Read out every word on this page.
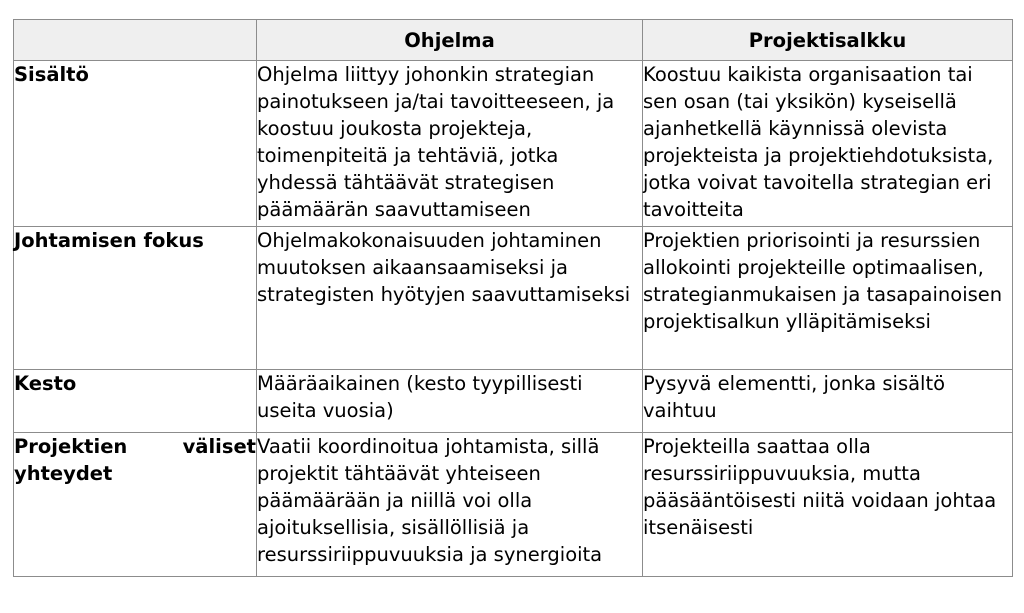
	Ohjelma	Projektisalkku
Sisältö	Ohjelma liittyy johonkin strategian painotukseen ja/tai tavoitteeseen, ja koostuu joukosta projekteja, toimenpiteitä ja tehtäviä, jotka yhdessä tähtäävät strategisen päämäärän saavuttamiseen	Koostuu kaikista organisaation tai sen osan (tai yksikön) kyseisellä ajanhetkellä käynnissä olevista projekteista ja projektiehdotuksista, jotka voivat tavoitella strategian eri tavoitteita
Johtamisen fokus	Ohjelmakokonaisuuden johtaminen muutoksen aikaansaamiseksi ja strategisten hyötyjen saavuttamiseksi	Projektien priorisointi ja resurssien allokointi projekteille optimaalisen, strategianmukaisen ja tasapainoisen projektisalkun ylläpitämiseksi
Kesto	Määräaikainen (kesto tyypillisesti useita vuosia)	Pysyvä elementti, jonka sisältö vaihtuu
Projektien väliset yhteydet	Vaatii koordinoitua johtamista, sillä projektit tähtäävät yhteiseen päämäärään ja niillä voi olla ajoituksellisia, sisällöllisiä ja resurssiriippuvuuksia ja synergioita	Projekteilla saattaa olla resurssiriippuvuuksia, mutta pääsääntöisesti niitä voidaan johtaa itsenäisesti
